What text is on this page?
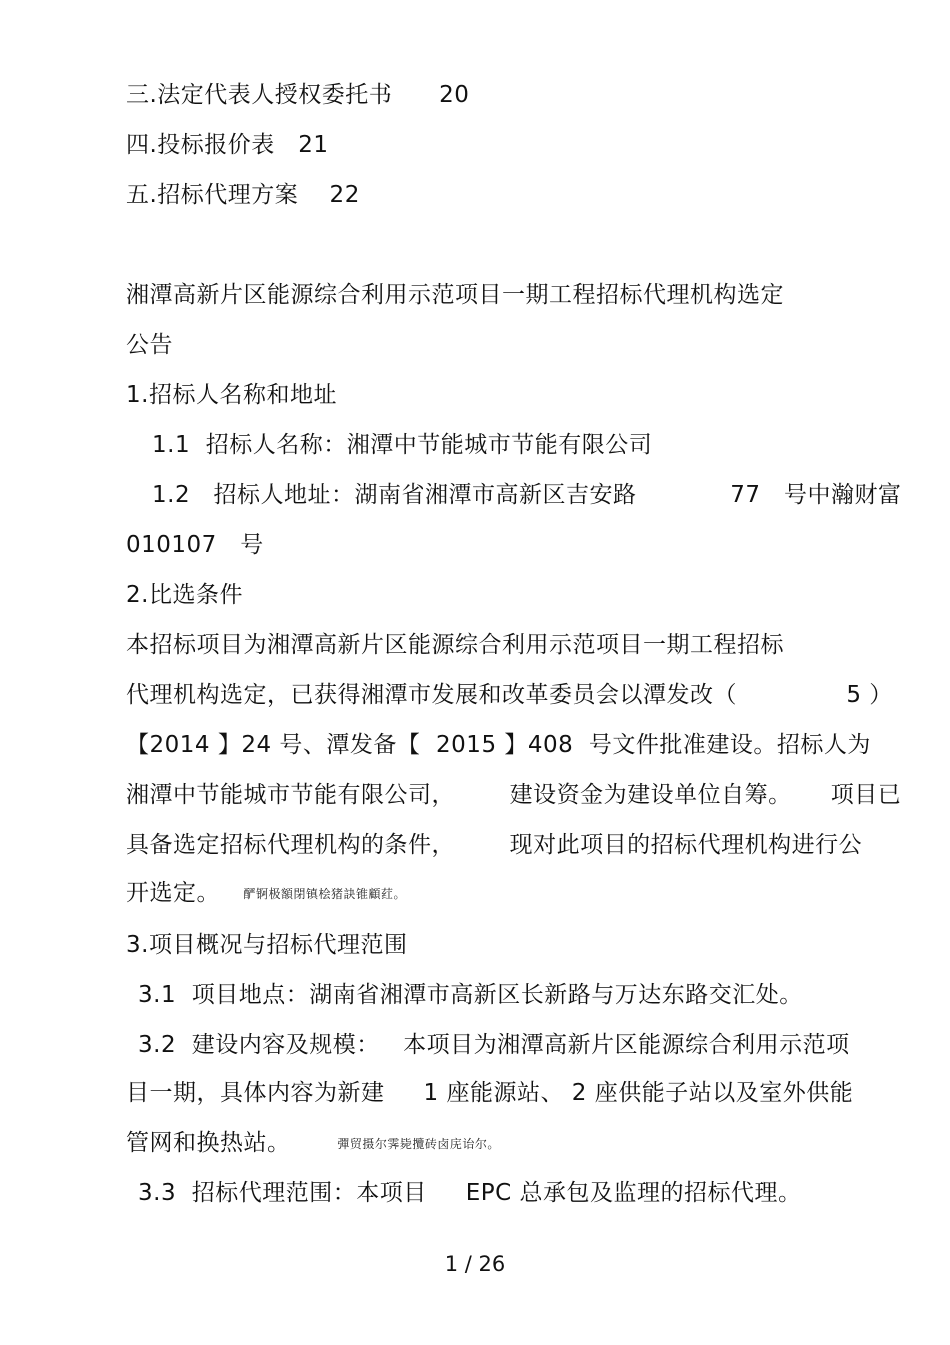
三.法定代表人授权委托书      20
四.投标报价表   21
五.招标代理方案    22
湘潭高新片区能源综合利用示范项目一期工程招标代理机构选定
公告
1.招标人名称和地址
1.1  招标人名称：湘潭中节能城市节能有限公司
1.2   招标人地址：湖南省湘潭市高新区吉安路            77   号中瀚财富
010107   号
2.比选条件
本招标项目为湘潭高新片区能源综合利用示范项目一期工程招标
代理机构选定，已获得湘潭市发展和改革委员会以潭发改（              5 ）
【2014 】24 号、潭发备【  2015 】408  号文件批准建设。招标人为
湘潭中节能城市节能有限公司，       建设资金为建设单位自筹。     项目已
具备选定招标代理机构的条件，       现对此项目的招标代理机构进行公
开选定。 酽锕极額閉镇桧猪訣锥顧荭。
3.项目概况与招标代理范围
3.1  项目地点：湖南省湘潭市高新区长新路与万达东路交汇处。
3.2  建设内容及规模：   本项目为湘潭高新片区能源综合利用示范项
目一期，具体内容为新建     1 座能源站、 2 座供能子站以及室外供能
管网和换热站。	彈贸摄尔霁毙攬砖卤庑诒尔。
3.3  招标代理范围：本项目     EPC 总承包及监理的招标代理。
1 / 26
